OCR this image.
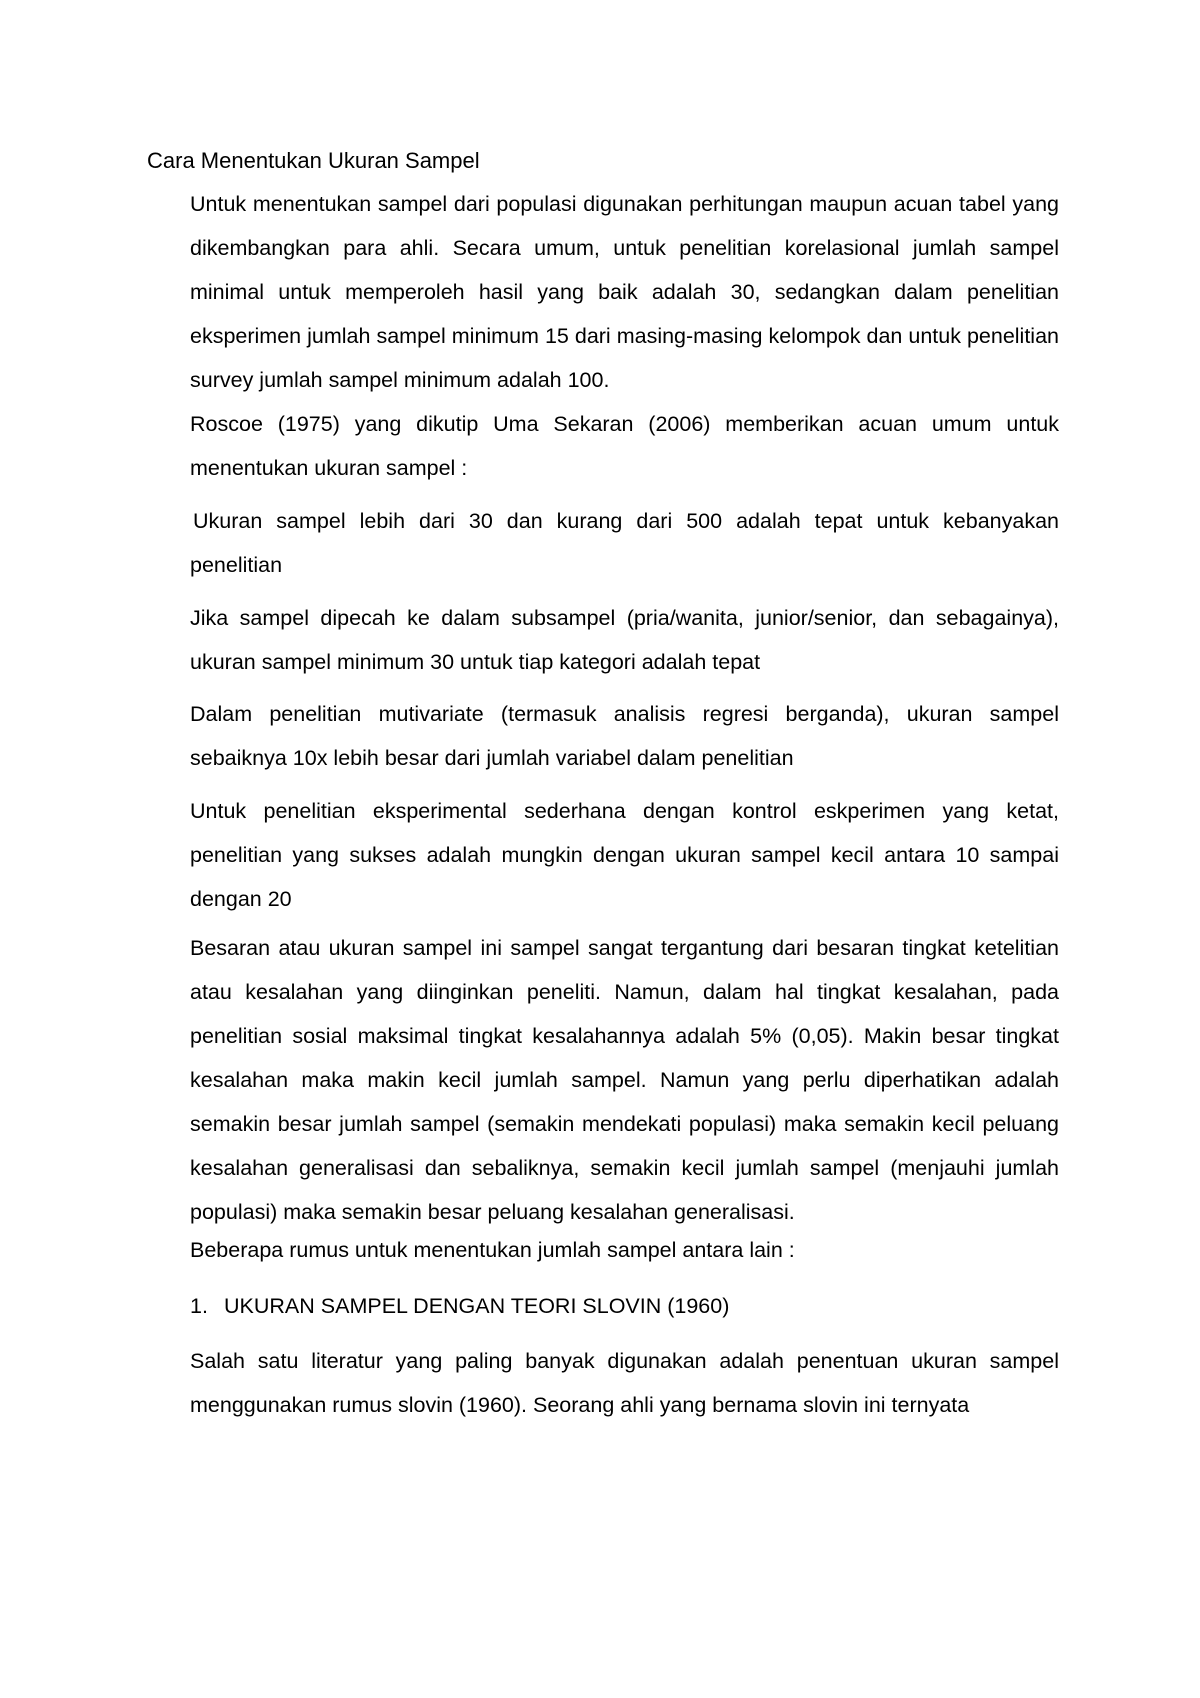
Cara Menentukan Ukuran Sampel

Untuk menentukan sampel dari populasi digunakan perhitungan maupun acuan tabel yang dikembangkan para ahli. Secara umum, untuk penelitian korelasional jumlah sampel minimal untuk memperoleh hasil yang baik adalah 30, sedangkan dalam penelitian eksperimen jumlah sampel minimum 15 dari masing-masing kelompok dan untuk penelitian survey jumlah sampel minimum adalah 100.

Roscoe (1975) yang dikutip Uma Sekaran (2006) memberikan acuan umum untuk menentukan ukuran sampel :

Ukuran sampel lebih dari 30 dan kurang dari 500 adalah tepat untuk kebanyakan penelitian

Jika sampel dipecah ke dalam subsampel (pria/wanita, junior/senior, dan sebagainya), ukuran sampel minimum 30 untuk tiap kategori adalah tepat

Dalam penelitian mutivariate (termasuk analisis regresi berganda), ukuran sampel sebaiknya 10x lebih besar dari jumlah variabel dalam penelitian

Untuk penelitian eksperimental sederhana dengan kontrol eskperimen yang ketat, penelitian yang sukses adalah mungkin dengan ukuran sampel kecil antara 10 sampai dengan 20

Besaran atau ukuran sampel ini sampel sangat tergantung dari besaran tingkat ketelitian atau kesalahan yang diinginkan peneliti. Namun, dalam hal tingkat kesalahan, pada penelitian sosial maksimal tingkat kesalahannya adalah 5% (0,05). Makin besar tingkat kesalahan maka makin kecil jumlah sampel. Namun yang perlu diperhatikan adalah semakin besar jumlah sampel (semakin mendekati populasi) maka semakin kecil peluang kesalahan generalisasi dan sebaliknya, semakin kecil jumlah sampel (menjauhi jumlah populasi) maka semakin besar peluang kesalahan generalisasi.

Beberapa rumus untuk menentukan jumlah sampel antara lain :

1. UKURAN SAMPEL DENGAN TEORI SLOVIN (1960)

Salah satu literatur yang paling banyak digunakan adalah penentuan ukuran sampel menggunakan rumus slovin (1960). Seorang ahli yang bernama slovin ini ternyata
